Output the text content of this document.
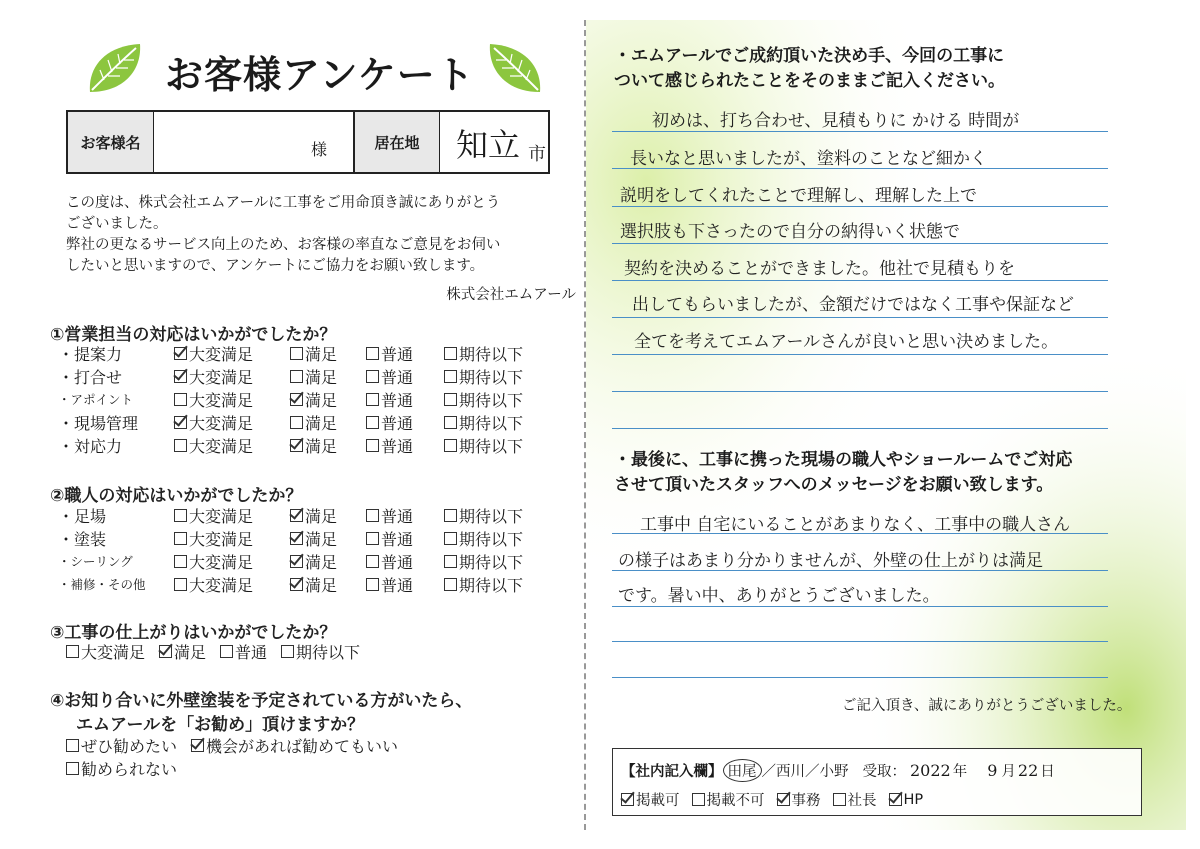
お客様アンケート
お客様名	様	居在地	知立 市
この度は、株式会社エムアールに工事をご用命頂き誠にありがとう
ございました。
弊社の更なるサービス向上のため、お客様の率直なご意見をお伺い
したいと思いますので、アンケートにご協力をお願い致します。
株式会社エムアール
①営業担当の対応はいかがでしたか？
・提案力	大変満足	満足	普通	期待以下
・打合せ	大変満足	満足	普通	期待以下
・アポイント	大変満足	満足	普通	期待以下
・現場管理	大変満足	満足	普通	期待以下
・対応力	大変満足	満足	普通	期待以下
②職人の対応はいかがでしたか？
・足場	大変満足	満足	普通	期待以下
・塗装	大変満足	満足	普通	期待以下
・シーリング	大変満足	満足	普通	期待以下
・補修・その他	大変満足	満足	普通	期待以下
③工事の仕上がりはいかがでしたか？
大変満足 満足 普通 期待以下
④お知り合いに外壁塗装を予定されている方がいたら、
エムアールを「お勧め」頂けますか？
ぜひ勧めたい 機会があれば勧めてもいい
勧められない
・エムアールでご成約頂いた決め手、今回の工事に
ついて感じられたことをそのままご記入ください。
初めは、打ち合わせ、見積もりに かける 時間が
長いなと思いましたが、塗料のことなど細かく
説明をしてくれたことで理解し、理解した上で
選択肢も下さったので自分の納得いく状態で
契約を決めることができました。他社で見積もりを
出してもらいましたが、金額だけではなく工事や保証など
全てを考えてエムアールさんが良いと思い決めました。
・最後に、工事に携った現場の職人やショールームでご対応
させて頂いたスタッフへのメッセージをお願い致します。
工事中 自宅にいることがあまりなく、工事中の職人さん
の様子はあまり分かりませんが、外壁の仕上がりは満足
です。暑い中、ありがとうございました。
ご記入頂き、誠にありがとうございました。
【社内記入欄】 田尾 ／西川／小野 受取： 2022 年 9 月 22 日
掲載可 掲載不可 事務 社長 HP
